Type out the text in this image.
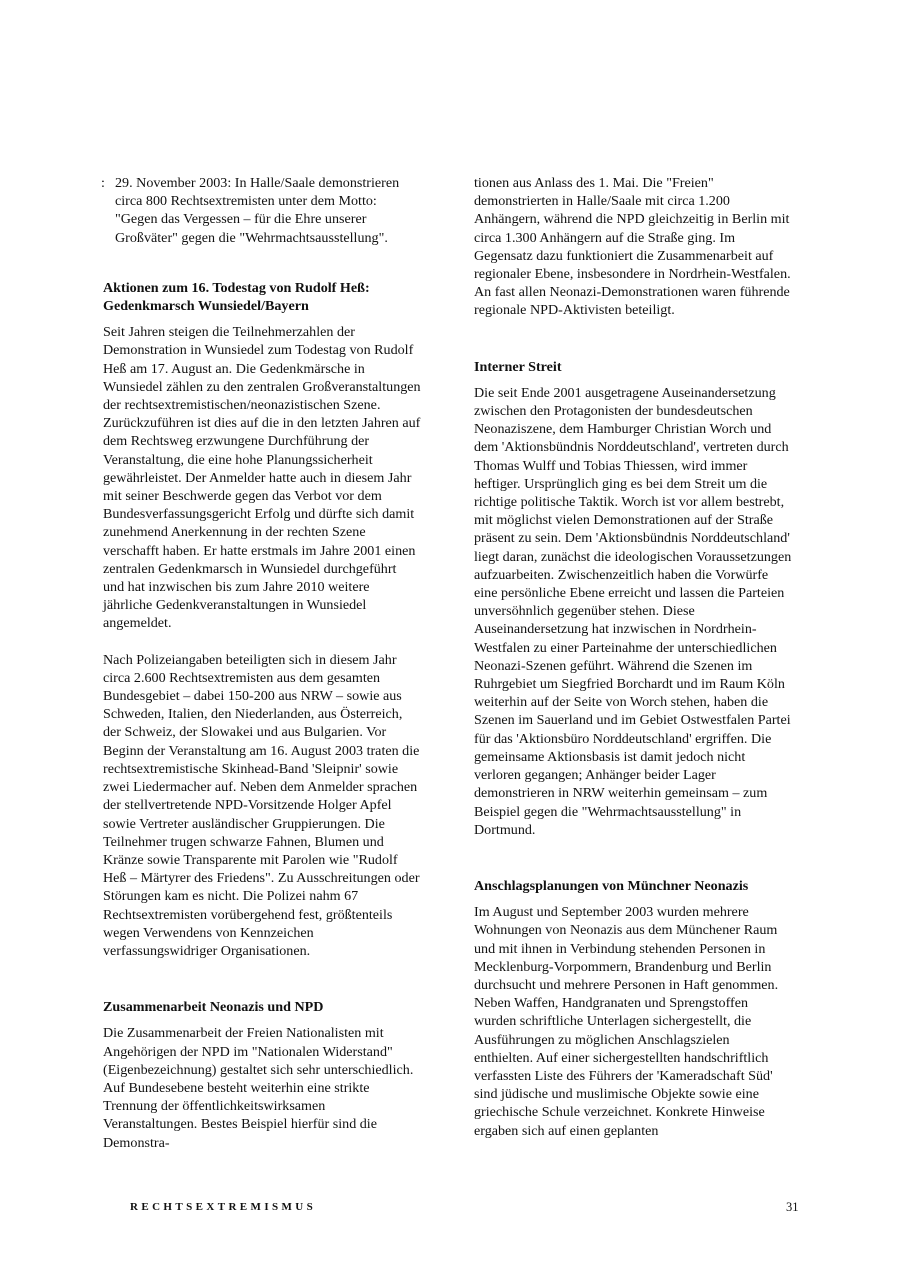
: 29. November 2003: In Halle/Saale demonstrieren circa 800 Rechtsextremisten unter dem Motto: "Gegen das Vergessen – für die Ehre unserer Großväter" gegen die "Wehrmachtsausstellung".

Aktionen zum 16. Todestag von Rudolf Heß: Gedenkmarsch Wunsiedel/Bayern

Seit Jahren steigen die Teilnehmerzahlen der Demonstration in Wunsiedel zum Todestag von Rudolf Heß am 17. August an. Die Gedenkmärsche in Wunsiedel zählen zu den zentralen Großveranstaltungen der rechtsextremistischen/neonazistischen Szene. Zurückzuführen ist dies auf die in den letzten Jahren auf dem Rechtsweg erzwungene Durchführung der Veranstaltung, die eine hohe Planungssicherheit gewährleistet. Der Anmelder hatte auch in diesem Jahr mit seiner Beschwerde gegen das Verbot vor dem Bundesverfassungsgericht Erfolg und dürfte sich damit zunehmend Anerkennung in der rechten Szene verschafft haben. Er hatte erstmals im Jahre 2001 einen zentralen Gedenkmarsch in Wunsiedel durchgeführt und hat inzwischen bis zum Jahre 2010 weitere jährliche Gedenkveranstaltungen in Wunsiedel angemeldet.

Nach Polizeiangaben beteiligten sich in diesem Jahr circa 2.600 Rechtsextremisten aus dem gesamten Bundesgebiet – dabei 150-200 aus NRW – sowie aus Schweden, Italien, den Niederlanden, aus Österreich, der Schweiz, der Slowakei und aus Bulgarien. Vor Beginn der Veranstaltung am 16. August 2003 traten die rechtsextremistische Skinhead-Band 'Sleipnir' sowie zwei Liedermacher auf. Neben dem Anmelder sprachen der stellvertretende NPD-Vorsitzende Holger Apfel sowie Vertreter ausländischer Gruppierungen. Die Teilnehmer trugen schwarze Fahnen, Blumen und Kränze sowie Transparente mit Parolen wie "Rudolf Heß – Märtyrer des Friedens". Zu Ausschreitungen oder Störungen kam es nicht. Die Polizei nahm 67 Rechtsextremisten vorübergehend fest, größtenteils wegen Verwendens von Kennzeichen verfassungswidriger Organisationen.

Zusammenarbeit Neonazis und NPD

Die Zusammenarbeit der Freien Nationalisten mit Angehörigen der NPD im "Nationalen Widerstand" (Eigenbezeichnung) gestaltet sich sehr unterschiedlich. Auf Bundesebene besteht weiterhin eine strikte Trennung der öffentlichkeitswirksamen Veranstaltungen. Bestes Beispiel hierfür sind die Demonstra-

tionen aus Anlass des 1. Mai. Die "Freien" demonstrierten in Halle/Saale mit circa 1.200 Anhängern, während die NPD gleichzeitig in Berlin mit circa 1.300 Anhängern auf die Straße ging. Im Gegensatz dazu funktioniert die Zusammenarbeit auf regionaler Ebene, insbesondere in Nordrhein-Westfalen. An fast allen Neonazi-Demonstrationen waren führende regionale NPD-Aktivisten beteiligt.

Interner Streit

Die seit Ende 2001 ausgetragene Auseinandersetzung zwischen den Protagonisten der bundesdeutschen Neonaziszene, dem Hamburger Christian Worch und dem 'Aktionsbündnis Norddeutschland', vertreten durch Thomas Wulff und Tobias Thiessen, wird immer heftiger. Ursprünglich ging es bei dem Streit um die richtige politische Taktik. Worch ist vor allem bestrebt, mit möglichst vielen Demonstrationen auf der Straße präsent zu sein. Dem 'Aktionsbündnis Norddeutschland' liegt daran, zunächst die ideologischen Voraussetzungen aufzuarbeiten. Zwischenzeitlich haben die Vorwürfe eine persönliche Ebene erreicht und lassen die Parteien unversöhnlich gegenüber stehen. Diese Auseinandersetzung hat inzwischen in Nordrhein-Westfalen zu einer Parteinahme der unterschiedlichen Neonazi-Szenen geführt. Während die Szenen im Ruhrgebiet um Siegfried Borchardt und im Raum Köln weiterhin auf der Seite von Worch stehen, haben die Szenen im Sauerland und im Gebiet Ostwestfalen Partei für das 'Aktionsbüro Norddeutschland' ergriffen. Die gemeinsame Aktionsbasis ist damit jedoch nicht verloren gegangen; Anhänger beider Lager demonstrieren in NRW weiterhin gemeinsam – zum Beispiel gegen die "Wehrmachtsausstellung" in Dortmund.

Anschlagsplanungen von Münchner Neonazis

Im August und September 2003 wurden mehrere Wohnungen von Neonazis aus dem Münchener Raum und mit ihnen in Verbindung stehenden Personen in Mecklenburg-Vorpommern, Brandenburg und Berlin durchsucht und mehrere Personen in Haft genommen. Neben Waffen, Handgranaten und Sprengstoffen wurden schriftliche Unterlagen sichergestellt, die Ausführungen zu möglichen Anschlagszielen enthielten. Auf einer sichergestellten handschriftlich verfassten Liste des Führers der 'Kameradschaft Süd' sind jüdische und muslimische Objekte sowie eine griechische Schule verzeichnet. Konkrete Hinweise ergaben sich auf einen geplanten

RECHTSEXTREMISMUS	31
